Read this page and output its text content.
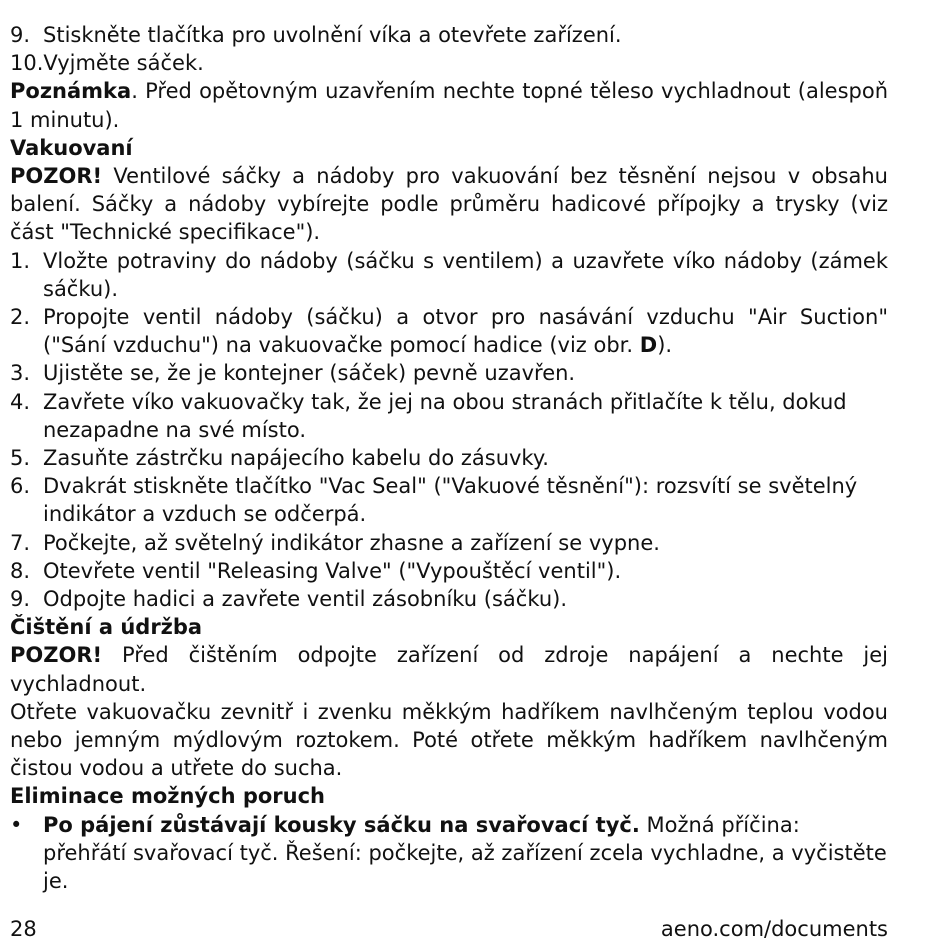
9. Stiskněte tlačítka pro uvolnění víka a otevřete zařízení.
10. Vyjměte sáček.

Poznámka. Před opětovným uzavřením nechte topné těleso vychladnout (alespoň 1 minutu).

Vakuovaní

POZOR! Ventilové sáčky a nádoby pro vakuování bez těsnění nejsou v obsahu balení. Sáčky a nádoby vybírejte podle průměru hadicové přípojky a trysky (viz část "Technické specifikace").

1. Vložte potraviny do nádoby (sáčku s ventilem) a uzavřete víko nádoby (zámek sáčku).
2. Propojte ventil nádoby (sáčku) a otvor pro nasávání vzduchu "Air Suction" ("Sání vzduchu") na vakuovačke pomocí hadice (viz obr. D).
3. Ujistěte se, že je kontejner (sáček) pevně uzavřen.
4. Zavřete víko vakuovačky tak, že jej na obou stranách přitlačíte k tělu, dokud nezapadne na své místo.
5. Zasuňte zástrčku napájecího kabelu do zásuvky.
6. Dvakrát stiskněte tlačítko "Vac Seal" ("Vakuové těsnění"): rozsvítí se světelný indikátor a vzduch se odčerpá.
7. Počkejte, až světelný indikátor zhasne a zařízení se vypne.
8. Otevřete ventil "Releasing Valve" ("Vypouštěcí ventil").
9. Odpojte hadici a zavřete ventil zásobníku (sáčku).

Čištění a údržba

POZOR! Před čištěním odpojte zařízení od zdroje napájení a nechte jej vychladnout.

Otřete vakuovačku zevnitř i zvenku měkkým hadříkem navlhčeným teplou vodou nebo jemným mýdlovým roztokem. Poté otřete měkkým hadříkem navlhčeným čistou vodou a utřete do sucha.

Eliminace možných poruch

• Po pájení zůstávají kousky sáčku na svařovací tyč. Možná příčina: přehřátí svařovací tyč. Řešení: počkejte, až zařízení zcela vychladne, a vyčistěte je.
28	aeno.com/documents
